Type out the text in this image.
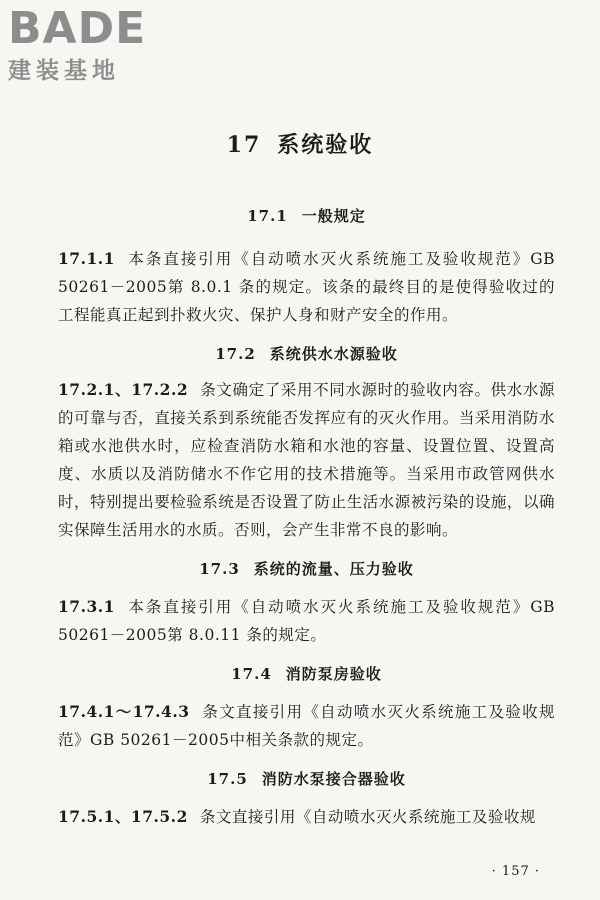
BADE
建装基地
17 系统验收
17.1 一般规定

17.1.1 本条直接引用《自动喷水灭火系统施工及验收规范》GB 50261－2005第 8.0.1 条的规定。该条的最终目的是使得验收过的工程能真正起到扑救火灾、保护人身和财产安全的作用。

17.2 系统供水水源验收

17.2.1、17.2.2 条文确定了采用不同水源时的验收内容。供水水源的可靠与否，直接关系到系统能否发挥应有的灭火作用。当采用消防水箱或水池供水时，应检查消防水箱和水池的容量、设置位置、设置高度、水质以及消防储水不作它用的技术措施等。当采用市政管网供水时，特别提出要检验系统是否设置了防止生活水源被污染的设施，以确实保障生活用水的水质。否则，会产生非常不良的影响。

17.3 系统的流量、压力验收

17.3.1 本条直接引用《自动喷水灭火系统施工及验收规范》GB 50261－2005第 8.0.11 条的规定。

17.4 消防泵房验收

17.4.1～17.4.3 条文直接引用《自动喷水灭火系统施工及验收规范》GB 50261－2005中相关条款的规定。

17.5 消防水泵接合器验收

17.5.1、17.5.2 条文直接引用《自动喷水灭火系统施工及验收规

· 157 ·
